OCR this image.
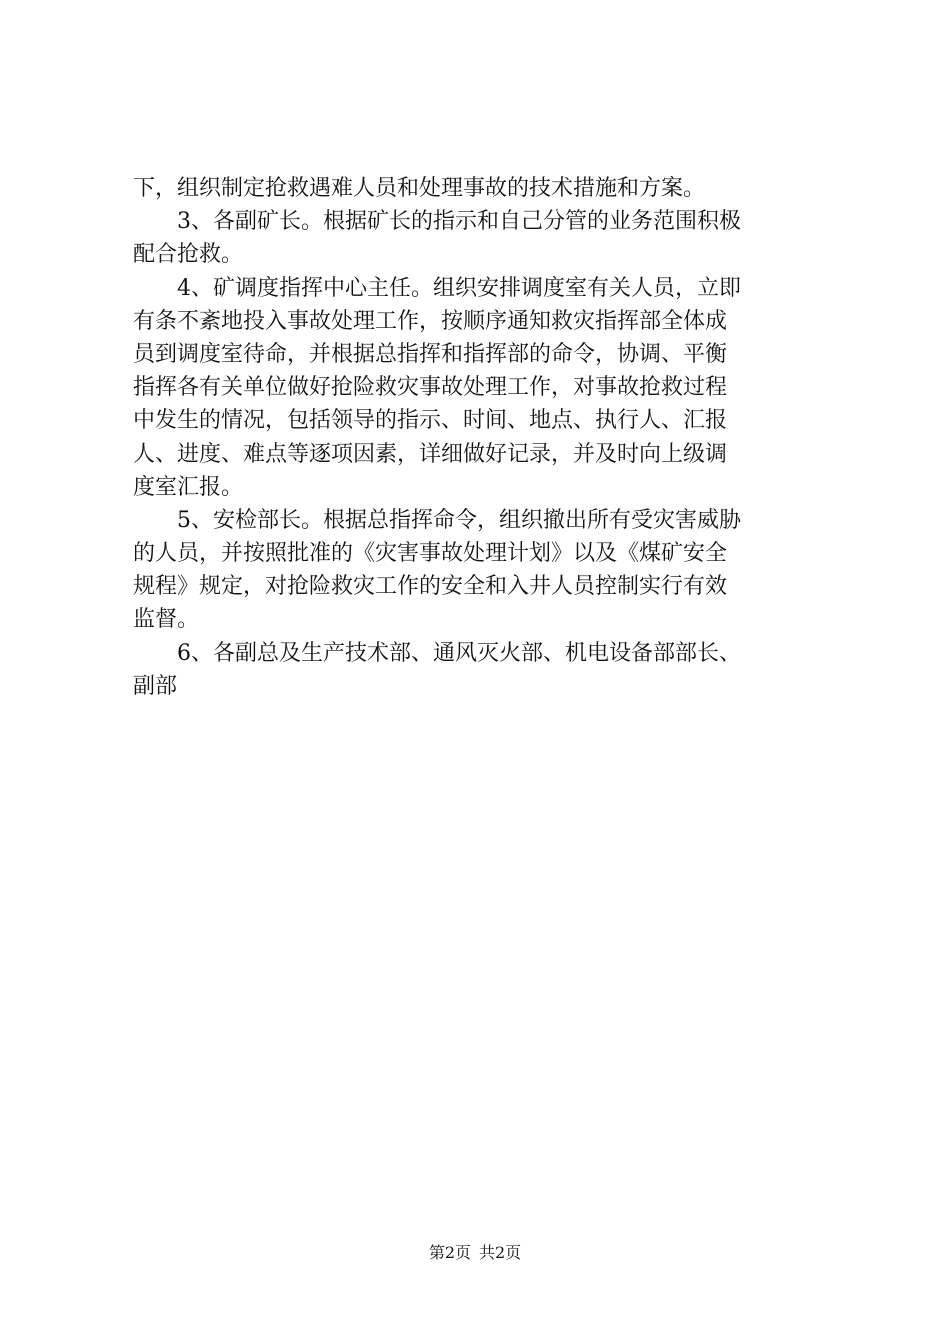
下，组织制定抢救遇难人员和处理事故的技术措施和方案。
　　3、各副矿长。根据矿长的指示和自己分管的业务范围积极
配合抢救。
　　4、矿调度指挥中心主任。组织安排调度室有关人员，立即
有条不紊地投入事故处理工作，按顺序通知救灾指挥部全体成
员到调度室待命，并根据总指挥和指挥部的命令，协调、平衡
指挥各有关单位做好抢险救灾事故处理工作，对事故抢救过程
中发生的情况，包括领导的指示、时间、地点、执行人、汇报
人、进度、难点等逐项因素，详细做好记录，并及时向上级调
度室汇报。
　　5、安检部长。根据总指挥命令，组织撤出所有受灾害威胁
的人员，并按照批准的《灾害事故处理计划》以及《煤矿安全
规程》规定，对抢险救灾工作的安全和入井人员控制实行有效
监督。
　　6、各副总及生产技术部、通风灭火部、机电设备部部长、
副部
第2页 共2页
